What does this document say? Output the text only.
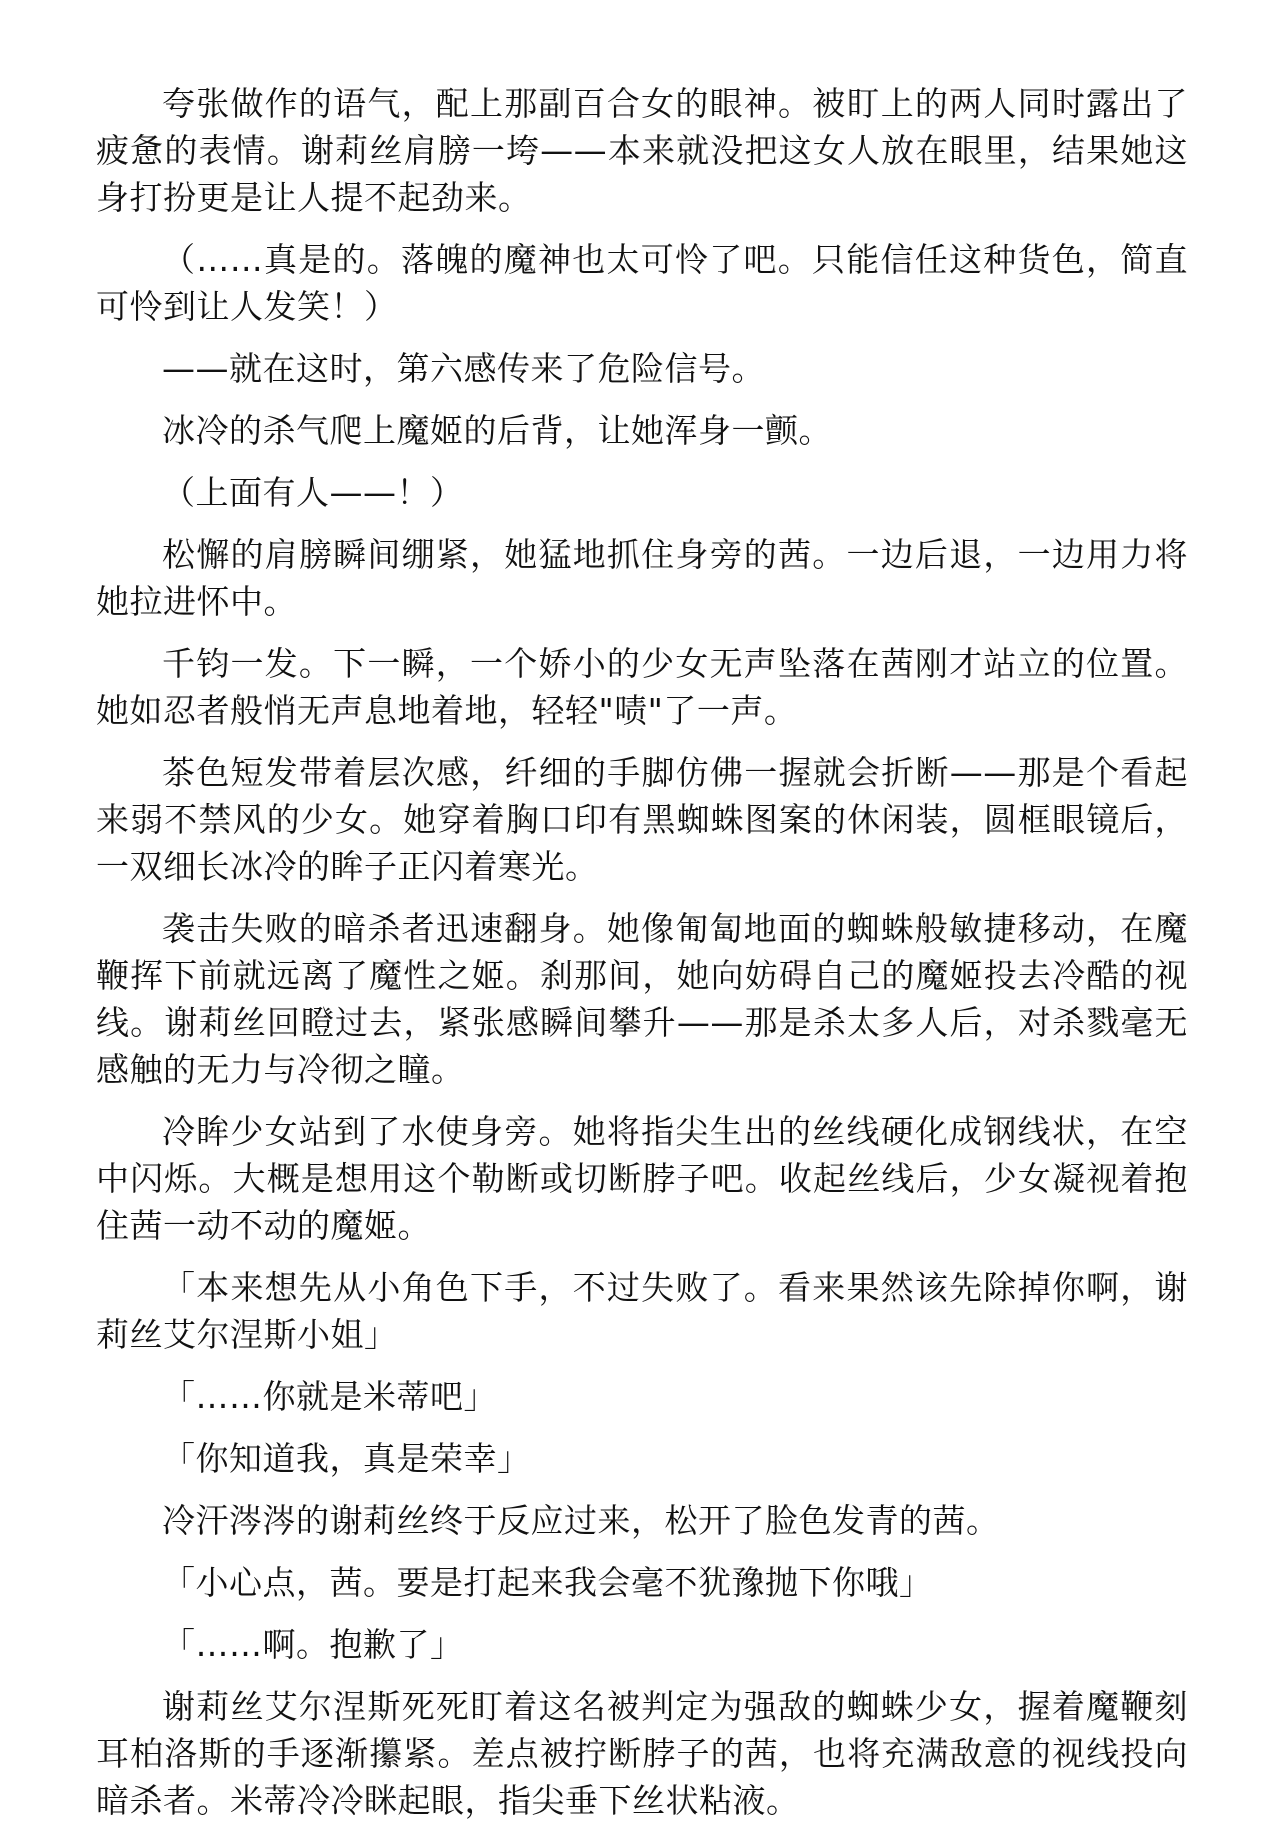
夸张做作的语气，配上那副百合女的眼神。被盯上的两人同时露出了疲惫的表情。谢莉丝肩膀一垮——本来就没把这女人放在眼里，结果她这身打扮更是让人提不起劲来。

（……真是的。落魄的魔神也太可怜了吧。只能信任这种货色，简直可怜到让人发笑！）

——就在这时，第六感传来了危险信号。

冰冷的杀气爬上魔姬的后背，让她浑身一颤。

（上面有人——！）

松懈的肩膀瞬间绷紧，她猛地抓住身旁的茜。一边后退，一边用力将她拉进怀中。

千钧一发。下一瞬，一个娇小的少女无声坠落在茜刚才站立的位置。她如忍者般悄无声息地着地，轻轻"啧"了一声。

茶色短发带着层次感，纤细的手脚仿佛一握就会折断——那是个看起来弱不禁风的少女。她穿着胸口印有黑蜘蛛图案的休闲装，圆框眼镜后，一双细长冰冷的眸子正闪着寒光。

袭击失败的暗杀者迅速翻身。她像匍匐地面的蜘蛛般敏捷移动，在魔鞭挥下前就远离了魔性之姬。刹那间，她向妨碍自己的魔姬投去冷酷的视线。谢莉丝回瞪过去，紧张感瞬间攀升——那是杀太多人后，对杀戮毫无感触的无力与冷彻之瞳。

冷眸少女站到了水使身旁。她将指尖生出的丝线硬化成钢线状，在空中闪烁。大概是想用这个勒断或切断脖子吧。收起丝线后，少女凝视着抱住茜一动不动的魔姬。

「本来想先从小角色下手，不过失败了。看来果然该先除掉你啊，谢莉丝艾尔涅斯小姐」

「……你就是米蒂吧」

「你知道我，真是荣幸」

冷汗涔涔的谢莉丝终于反应过来，松开了脸色发青的茜。

「小心点，茜。要是打起来我会毫不犹豫抛下你哦」

「……啊。抱歉了」

谢莉丝艾尔涅斯死死盯着这名被判定为强敌的蜘蛛少女，握着魔鞭刻耳柏洛斯的手逐渐攥紧。差点被拧断脖子的茜，也将充满敌意的视线投向暗杀者。米蒂冷冷眯起眼，指尖垂下丝状粘液。
